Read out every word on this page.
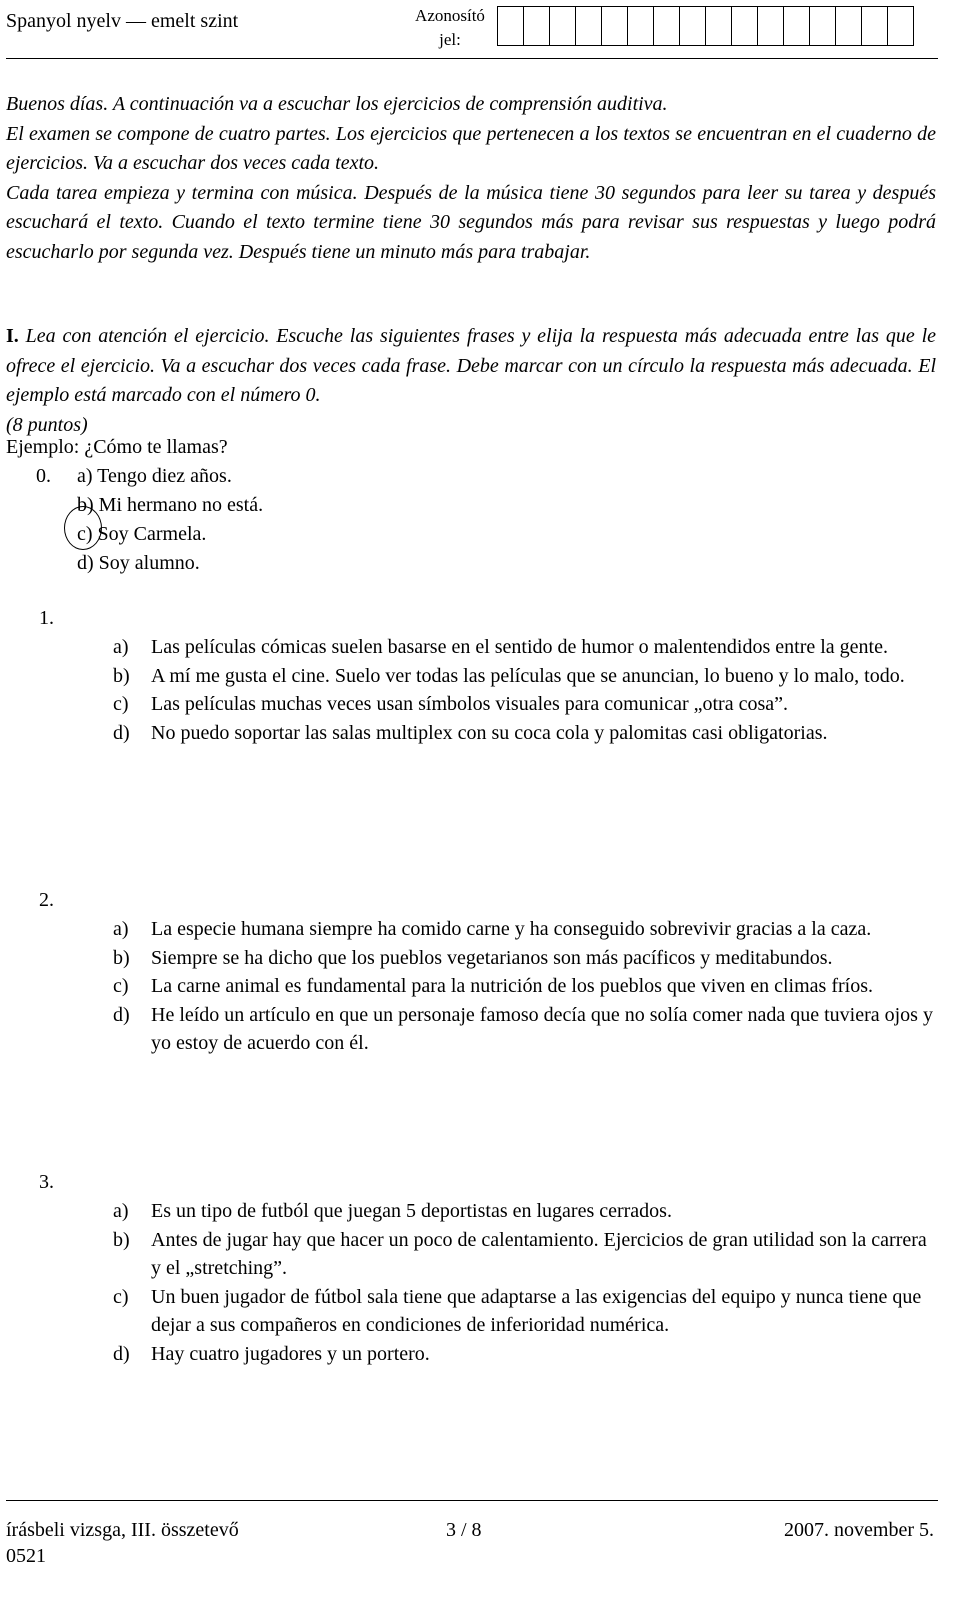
Spanyol nyelv — emelt szint	Azonosító
jel:

Buenos días. A continuación va a escuchar los ejercicios de comprensión auditiva.

El examen se compone de cuatro partes. Los ejercicios que pertenecen a los textos se encuentran en el cuaderno de ejercicios. Va a escuchar dos veces cada texto.

Cada tarea empieza y termina con música. Después de la música tiene 30 segundos para leer su tarea y después escuchará el texto. Cuando el texto termine tiene 30 segundos más para revisar sus respuestas y luego podrá escucharlo por segunda vez. Después tiene un minuto más para trabajar.

I. Lea con atención el ejercicio. Escuche las siguientes frases y elija la respuesta más adecuada entre las que le ofrece el ejercicio. Va a escuchar dos veces cada frase. Debe marcar con un círculo la respuesta más adecuada. El ejemplo está marcado con el número 0.
(8 puntos)
Ejemplo: ¿Cómo te llamas?
0. a) Tengo diez años.
b) Mi hermano no está.
c) Soy Carmela.
d) Soy alumno.
1.
a)	Las películas cómicas suelen basarse en el sentido de humor o malentendidos entre la gente.
b)	A mí me gusta el cine. Suelo ver todas las películas que se anuncian, lo bueno y lo malo, todo.
c)	Las películas muchas veces usan símbolos visuales para comunicar „otra cosa”.
d)	No puedo soportar las salas multiplex con su coca cola y palomitas casi obligatorias.
2.
a)	La especie humana siempre ha comido carne y ha conseguido sobrevivir gracias a la caza.
b)	Siempre se ha dicho que los pueblos vegetarianos son más pacíficos y meditabundos.
c)	La carne animal es fundamental para la nutrición de los pueblos que viven en climas fríos.
d)	He leído un artículo en que un personaje famoso decía que no solía comer nada que tuviera ojos y yo estoy de acuerdo con él.
3.
a)	Es un tipo de futból que juegan 5 deportistas en lugares cerrados.
b)	Antes de jugar hay que hacer un poco de calentamiento. Ejercicios de gran utilidad son la carrera y el „stretching”.
c)	Un buen jugador de fútbol sala tiene que adaptarse a las exigencias del equipo y nunca tiene que dejar a sus compañeros en condiciones de inferioridad numérica.
d)	Hay cuatro jugadores y un portero.
írásbeli vizsga, III. összetevő	3 / 8	2007. november 5.
0521
